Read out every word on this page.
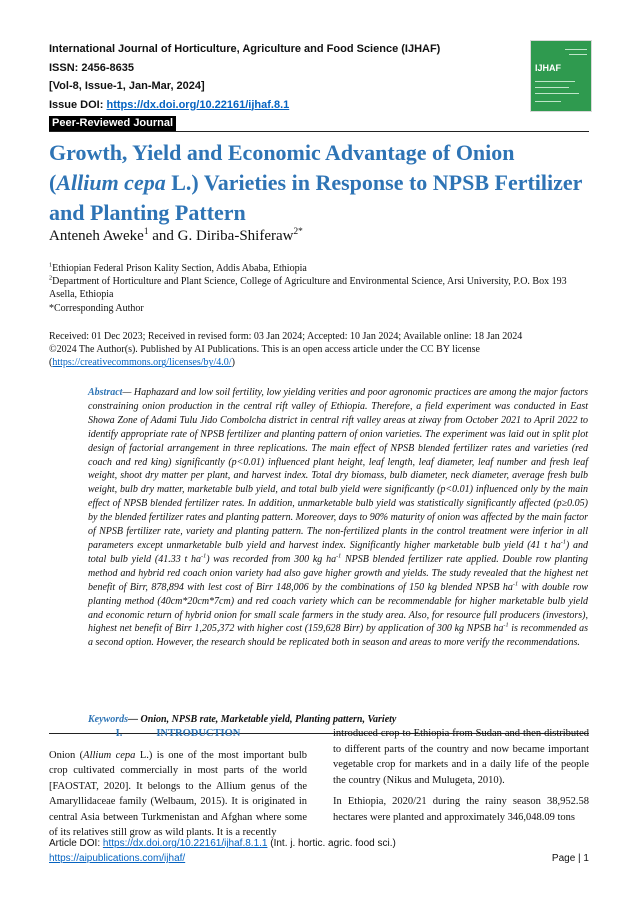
International Journal of Horticulture, Agriculture and Food Science (IJHAF)
ISSN: 2456-8635
[Vol-8, Issue-1, Jan-Mar, 2024]
Issue DOI: https://dx.doi.org/10.22161/ijhaf.8.1
Peer-Reviewed Journal
IJHAF
Growth, Yield and Economic Advantage of Onion (Allium cepa L.) Varieties in Response to NPSB Fertilizer and Planting Pattern
Anteneh Aweke$^1$ and G. Diriba-Shiferaw$^{2*}$

$^1$Ethiopian Federal Prison Kality Section, Addis Ababa, Ethiopia

$^2$Department of Horticulture and Plant Science, College of Agriculture and Environmental Science, Arsi University, P.O. Box 193 Asella, Ethiopia

*Corresponding Author

Received: 01 Dec 2023; Received in revised form: 03 Jan 2024; Accepted: 10 Jan 2024; Available online: 18 Jan 2024

©2024 The Author(s). Published by AI Publications. This is an open access article under the CC BY license

(https://creativecommons.org/licenses/by/4.0/)

Abstract— Haphazard and low soil fertility, low yielding verities and poor agronomic practices are among the major factors constraining onion production in the central rift valley of Ethiopia. Therefore, a field experiment was conducted in East Showa Zone of Adami Tulu Jido Combolcha district in central rift valley areas at ziway from October 2021 to April 2022 to identify appropriate rate of NPSB fertilizer and planting pattern of onion varieties. The experiment was laid out in split plot design of factorial arrangement in three replications. The main effect of NPSB blended fertilizer rates and varieties (red coach and red king) significantly (p<0.01) influenced plant height, leaf length, leaf diameter, leaf number and fresh leaf weight, shoot dry matter per plant, and harvest index. Total dry biomass, bulb diameter, neck diameter, average fresh bulb weight, bulb dry matter, marketable bulb yield, and total bulb yield were significantly (p<0.01) influenced only by the main effect of NPSB blended fertilizer rates. In addition, unmarketable bulb yield was statistically significantly affected (p≥0.05) by the blended fertilizer rates and planting pattern. Moreover, days to 90% maturity of onion was affected by the main factor of NPSB fertilizer rate, variety and planting pattern. The non-fertilized plants in the control treatment were inferior in all parameters except unmarketable bulb yield and harvest index. Significantly higher marketable bulb yield (41 t $ha^{-1}$) and total bulb yield (41.33 t $ha^{-1}$) was recorded from 300 kg $ha^{-1}$ NPSB blended fertilizer rate applied. Double row planting method and hybrid red coach onion variety had also gave higher growth and yields. The study revealed that the highest net benefit of Birr, 878,894 with lest cost of Birr 148,006 by the combinations of 150 kg blended NPSB $ha^{-1}$ with double row planting method (40cm*20cm*7cm) and red coach variety which can be recommendable for higher marketable bulb yield and economic return of hybrid onion for small scale farmers in the study area. Also, for resource full producers (investors), highest net benefit of Birr 1,205,372 with higher cost (159,628 Birr) by application of 300 kg NPSB $ha^{-1}$ is recommended as a second option. However, the research should be replicated both in season and areas to more verify the recommendations.

Keywords— Onion, NPSB rate, Marketable yield, Planting pattern, Variety
I.	INTRODUCTION

Onion (Allium cepa L.) is one of the most important bulb crop cultivated commercially in most parts of the world [FAOSTAT, 2020]. It belongs to the Allium genus of the Amaryllidaceae family (Welbaum, 2015). It is originated in central Asia between Turkmenistan and Afghan where some of its relatives still grow as wild plants. It is a recently

introduced crop to Ethiopia from Sudan and then distributed to different parts of the country and now became important vegetable crop for markets and in a daily life of the people the country (Nikus and Mulugeta, 2010).

In Ethiopia, 2020/21 during the rainy season 38,952.58 hectares were planted and approximately 346,048.09 tons

Article DOI: https://dx.doi.org/10.22161/ijhaf.8.1.1 (Int. j. hortic. agric. food sci.)
https://aipublications.com/ijhaf/	Page | 1
